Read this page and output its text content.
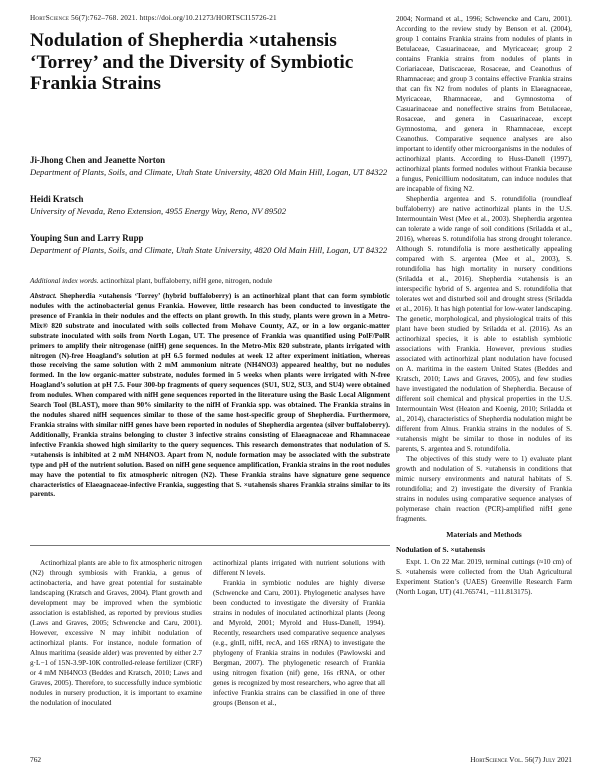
HortScience 56(7):762–768. 2021. https://doi.org/10.21273/HORTSCI15726-21
Nodulation of Shepherdia ×utahensis ‘Torrey’ and the Diversity of Symbiotic Frankia Strains
Ji-Jhong Chen and Jeanette Norton
Department of Plants, Soils, and Climate, Utah State University, 4820 Old Main Hill, Logan, UT 84322
Heidi Kratsch
University of Nevada, Reno Extension, 4955 Energy Way, Reno, NV 89502
Youping Sun and Larry Rupp
Department of Plants, Soils, and Climate, Utah State University, 4820 Old Main Hill, Logan, UT 84322
Additional index words. actinorhizal plant, buffaloberry, nifH gene, nitrogen, nodule
Abstract. Shepherdia ×utahensis ‘Torrey’ (hybrid buffaloberry) is an actinorhizal plant that can form symbiotic nodules with the actinobacterial genus Frankia. However, little research has been conducted to investigate the presence of Frankia in their nodules and the effects on plant growth. In this study, plants were grown in a Metro-Mix® 820 substrate and inoculated with soils collected from Mohave County, AZ, or in a low organic-matter substrate inoculated with soils from North Logan, UT. The presence of Frankia was quantified using PolF/PolR primers to amplify their nitrogenase (nifH) gene sequences. In the Metro-Mix 820 substrate, plants irrigated with nitrogen (N)-free Hoagland’s solution at pH 6.5 formed nodules at week 12 after experiment initiation, whereas those receiving the same solution with 2 mM ammonium nitrate (NH4NO3) appeared healthy, but no nodules formed. In the low organic-matter substrate, nodules formed in 5 weeks when plants were irrigated with N-free Hoagland’s solution at pH 7.5. Four 300-bp fragments of query sequences (SU1, SU2, SU3, and SU4) were obtained from nodules. When compared with nifH gene sequences reported in the literature using the Basic Local Alignment Search Tool (BLAST), more than 90% similarity to the nifH of Frankia spp. was obtained. The Frankia strains in the nodules shared nifH sequences similar to those of the same host-specific group of Shepherdia. Furthermore, Frankia strains with similar nifH genes have been reported in nodules of Shepherdia argentea (silver buffaloberry). Additionally, Frankia strains belonging to cluster 3 infective strains consisting of Elaeagnaceae and Rhamnaceae infective Frankia showed high similarity to the query sequences. This research demonstrates that nodulation of S. ×utahensis is inhibited at 2 mM NH4NO3. Apart from N, nodule formation may be associated with the substrate type and pH of the nutrient solution. Based on nifH gene sequence amplification, Frankia strains in the root nodules may have the potential to fix atmospheric nitrogen (N2). These Frankia strains have signature gene sequence characteristics of Elaeagnaceae-infective Frankia, suggesting that S. ×utahensis shares Frankia strains similar to its parents.

Actinorhizal plants are able to fix atmospheric nitrogen (N2) through symbiosis with Frankia, a genus of actinobacteria, and have great potential for sustainable landscaping (Kratsch and Graves, 2004). Plant growth and development may be improved when the symbiotic association is established, as reported by previous studies (Laws and Graves, 2005; Schwencke and Caru, 2001). However, excessive N may inhibit nodulation of actinorhizal plants. For instance, nodule formation of Alnus maritima (seaside alder) was prevented by either 2.7 g·L−1 of 15N-3.9P-10K controlled-release fertilizer (CRF) or 4 mM NH4NO3 (Beddes and Kratsch, 2010; Laws and Graves, 2005). Therefore, to successfully induce symbiotic nodules in nursery production, it is important to examine the nodulation of inoculated

actinorhizal plants irrigated with nutrient solutions with different N levels.

Frankia in symbiotic nodules are highly diverse (Schwencke and Caru, 2001). Phylogenetic analyses have been conducted to investigate the diversity of Frankia strains in nodules of inoculated actinorhizal plants (Jeong and Myrold, 2001; Myrold and Huss-Danell, 1994). Recently, researchers used comparative sequence analyses (e.g., glnII, nifH, recA, and 16S rRNA) to investigate the phylogeny of Frankia strains in nodules (Pawlowski and Bergman, 2007). The phylogenetic research of Frankia using nitrogen fixation (nif) gene, 16s rRNA, or other genes is recognized by most researchers, who agree that all infective Frankia strains can be classified in one of three groups (Benson et al.,

2004; Normand et al., 1996; Schwencke and Caru, 2001). According to the review study by Benson et al. (2004), group 1 contains Frankia strains from nodules of plants in Betulaceae, Casuarinaceae, and Myricaceae; group 2 contains Frankia strains from nodules of plants in Coriariaceae, Datiscaceae, Rosaceae, and Ceanothus of Rhamnaceae; and group 3 contains effective Frankia strains that can fix N2 from nodules of plants in Elaeagnaceae, Myricaceae, Rhamnaceae, and Gymnostoma of Casuarinaceae and noneffective strains from Betulaceae, Rosaceae, and genera in Casuarinaceae, except Gymnostoma, and genera in Rhamnaceae, except Ceanothus. Comparative sequence analyses are also important to identify other microorganisms in the nodules of actinorhizal plants. According to Huss-Danell (1997), actinorhizal plants formed nodules without Frankia because a fungus, Penicillium nodositatum, can induce nodules that are incapable of fixing N2.

Shepherdia argentea and S. rotundifolia (roundleaf buffaloberry) are native actinorhizal plants in the U.S. Intermountain West (Mee et al., 2003). Shepherdia argentea can tolerate a wide range of soil conditions (Sriladda et al., 2016), whereas S. rotundifolia has strong drought tolerance. Although S. rotundifolia is more aesthetically appealing compared with S. argentea (Mee et al., 2003), S. rotundifolia has high mortality in nursery conditions (Sriladda et al., 2016). Shepherdia ×utahensis is an interspecific hybrid of S. argentea and S. rotundifolia that tolerates wet and disturbed soil and drought stress (Sriladda et al., 2016). It has high potential for low-water landscaping. The genetic, morphological, and physiological traits of this plant have been studied by Sriladda et al. (2016). As an actinorhizal species, it is able to establish symbiotic associations with Frankia. However, previous studies associated with actinorhizal plant nodulation have focused on A. maritima in the eastern United States (Beddes and Kratsch, 2010; Laws and Graves, 2005), and few studies have investigated the nodulation of Shepherdia. Because of different soil chemical and physical properties in the U.S. Intermountain West (Heaton and Koenig, 2010; Sriladda et al., 2014), characteristics of Shepherdia nodulation might be different from Alnus. Frankia strains in the nodules of S. ×utahensis might be similar to those in nodules of its parents, S. argentea and S. rotundifolia.

The objectives of this study were to 1) evaluate plant growth and nodulation of S. ×utahensis in conditions that mimic nursery environments and natural habitats of S. rotundifolia; and 2) investigate the diversity of Frankia strains in nodules using comparative sequence analyses of polymerase chain reaction (PCR)-amplified nifH gene fragments.

Materials and Methods
Nodulation of S. ×utahensis

Expt. 1. On 22 Mar. 2019, terminal cuttings (≈10 cm) of S. ×utahensis were collected from the Utah Agricultural Experiment Station’s (UAES) Greenville Research Farm (North Logan, UT) (41.765741, −111.813175).

762	HortScience Vol. 56(7) July 2021
